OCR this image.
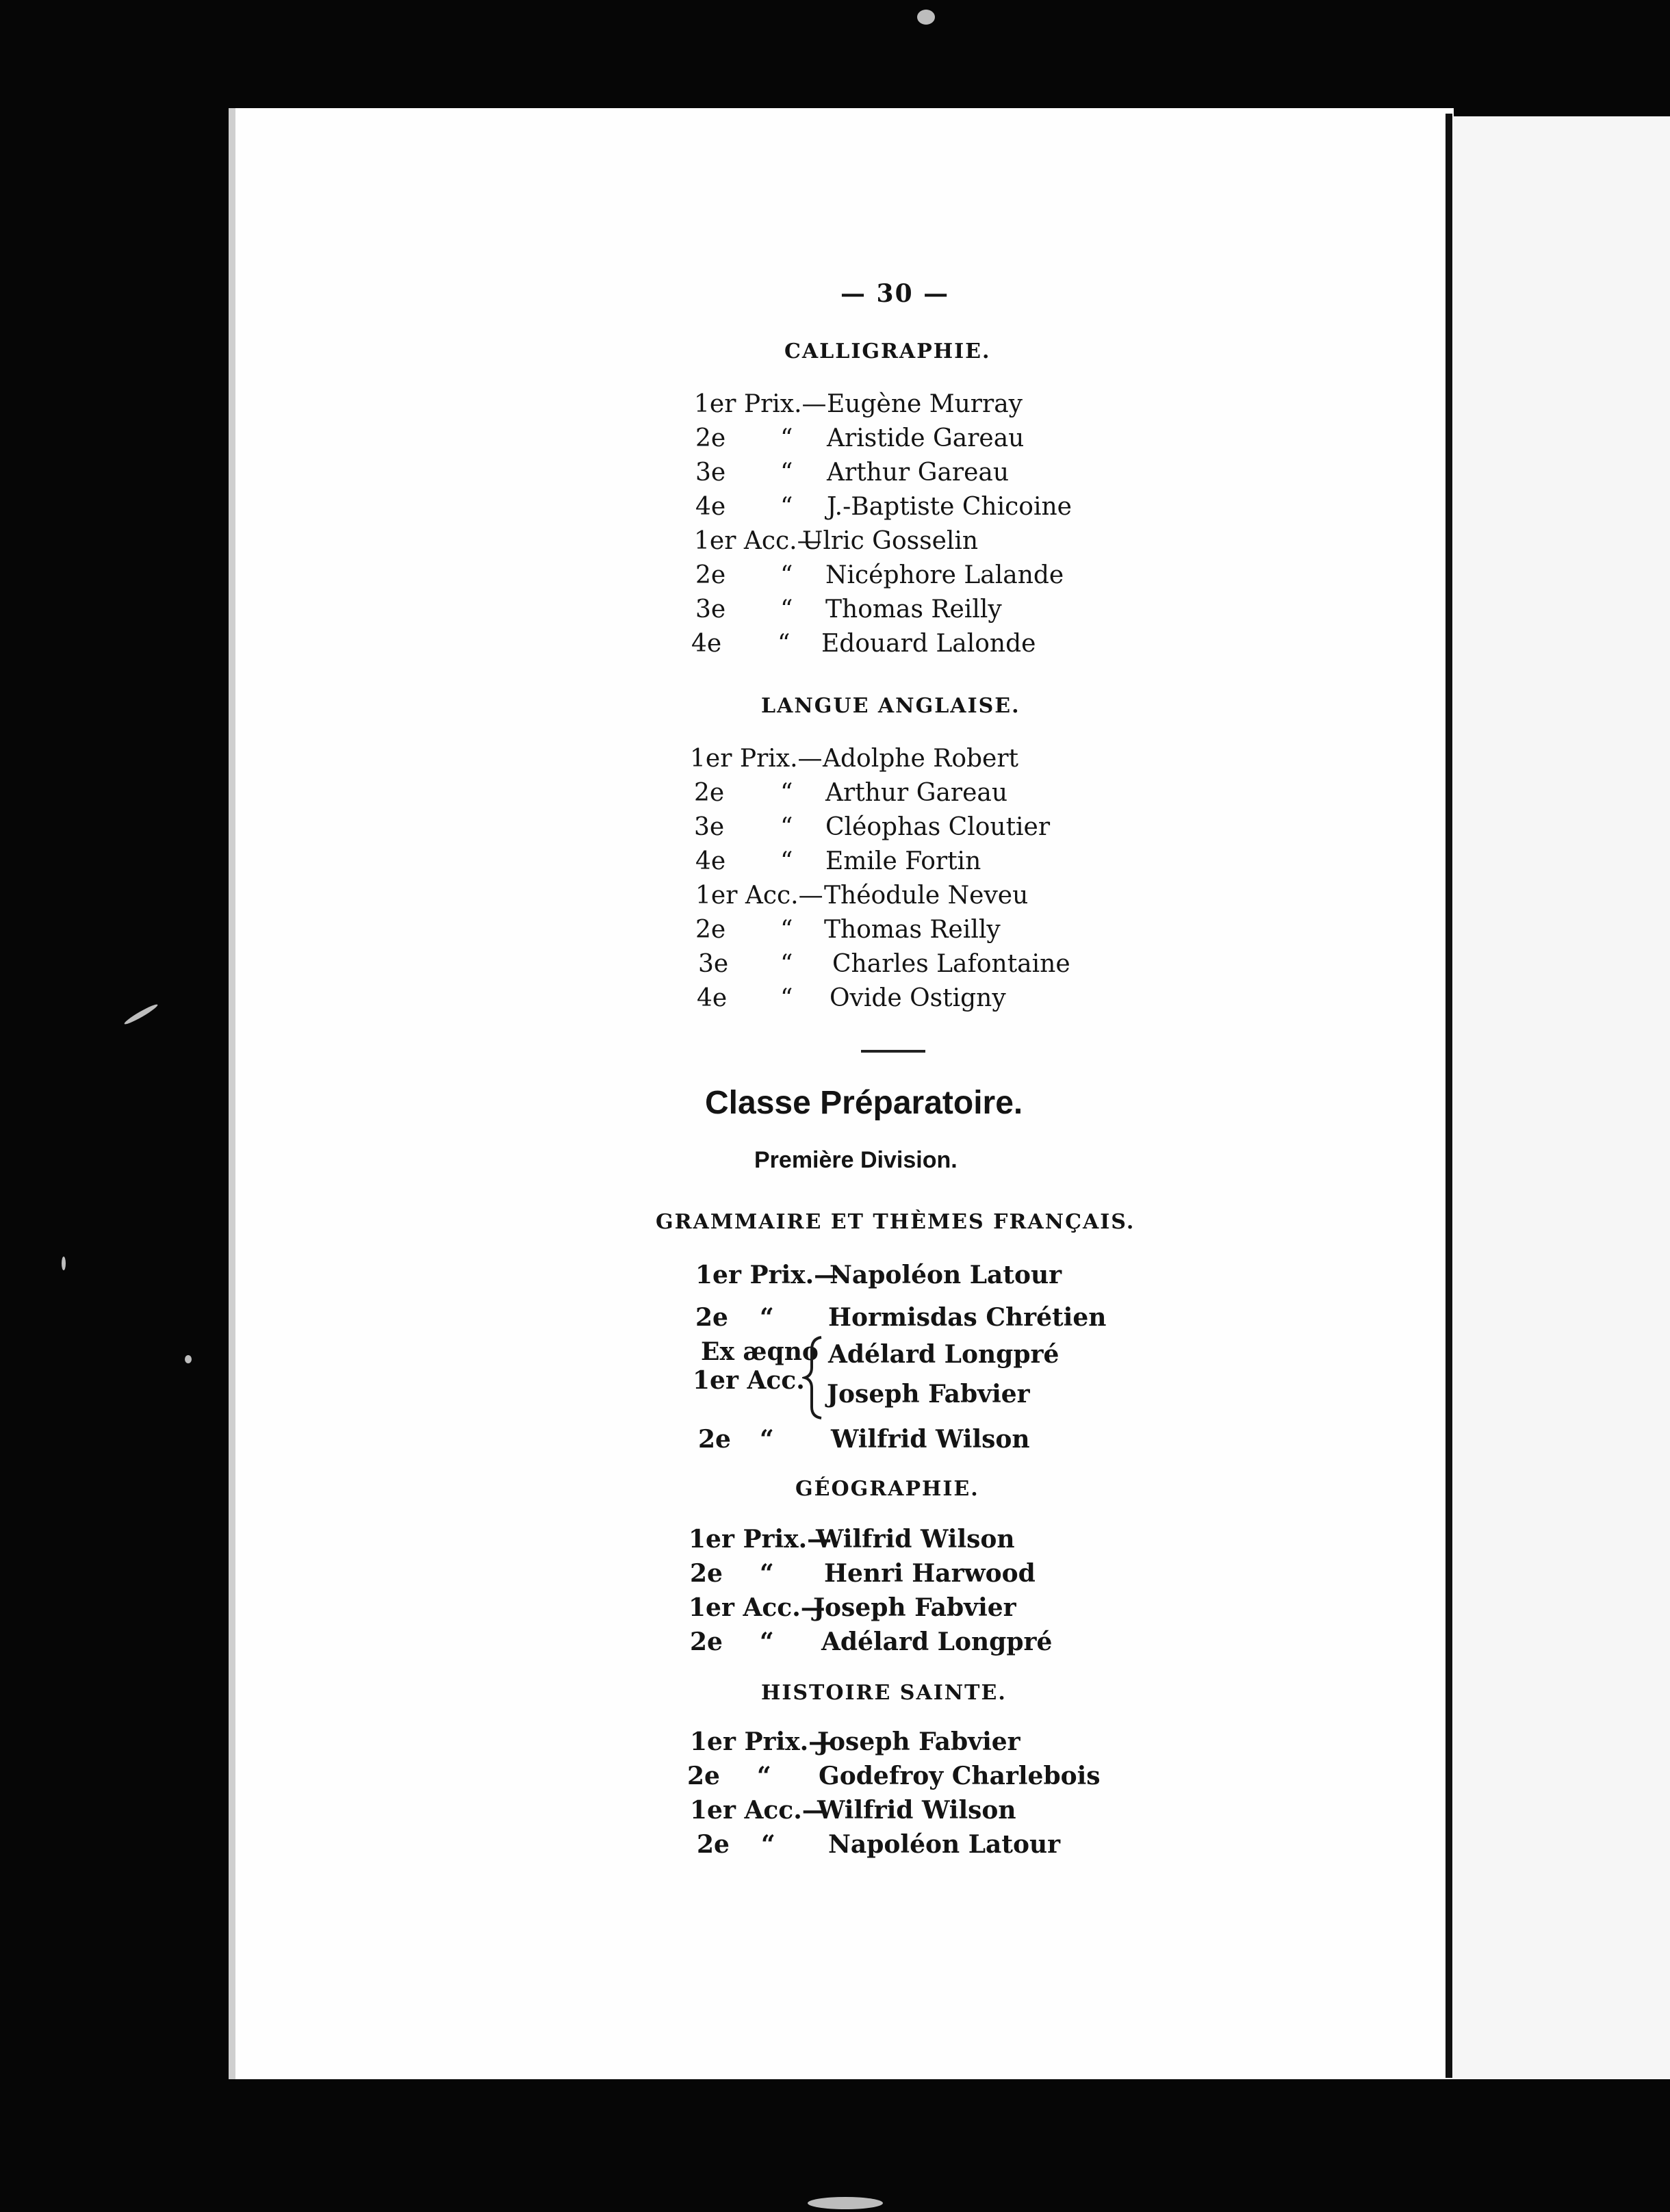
— 30 —
CALLIGRAPHIE.
1er Prix.— Eugène Murray
2e “ Aristide Gareau
3e “ Arthur Gareau
4e “ J.-Baptiste Chicoine
1er Acc.—
Ulric Gosselin
2e “ Nicéphore Lalande
3e “ Thomas Reilly
4e “ Edouard Lalonde
LANGUE ANGLAISE.
1er Prix.— Adolphe Robert
2e “ Arthur Gareau
3e “ Cléophas Cloutier
4e “ Emile Fortin
1er Acc.— Théodule Neveu
2e “ Thomas Reilly
3e “ Charles Lafontaine
4e “ Ovide Ostigny
Classe Préparatoire.
Première Division.
GRAMMAIRE ET THÈMES FRANÇAIS.
1er Prix.—
Napoléon Latour
2e “ Hormisdas Chrétien
Ex æqno
1er Acc.
Adélard Longpré
Joseph Fabvier
2e “ Wilfrid Wilson
GÉOGRAPHIE.
1er Prix.—
Wilfrid Wilson
2e “ Henri Harwood
1er Acc.—
Joseph Fabvier
2e “ Adélard Longpré
HISTOIRE SAINTE.
1er Prix.—
Joseph Fabvier
2e “ Godefroy Charlebois
1er Acc.—
Wilfrid Wilson
2e “ Napoléon Latour
